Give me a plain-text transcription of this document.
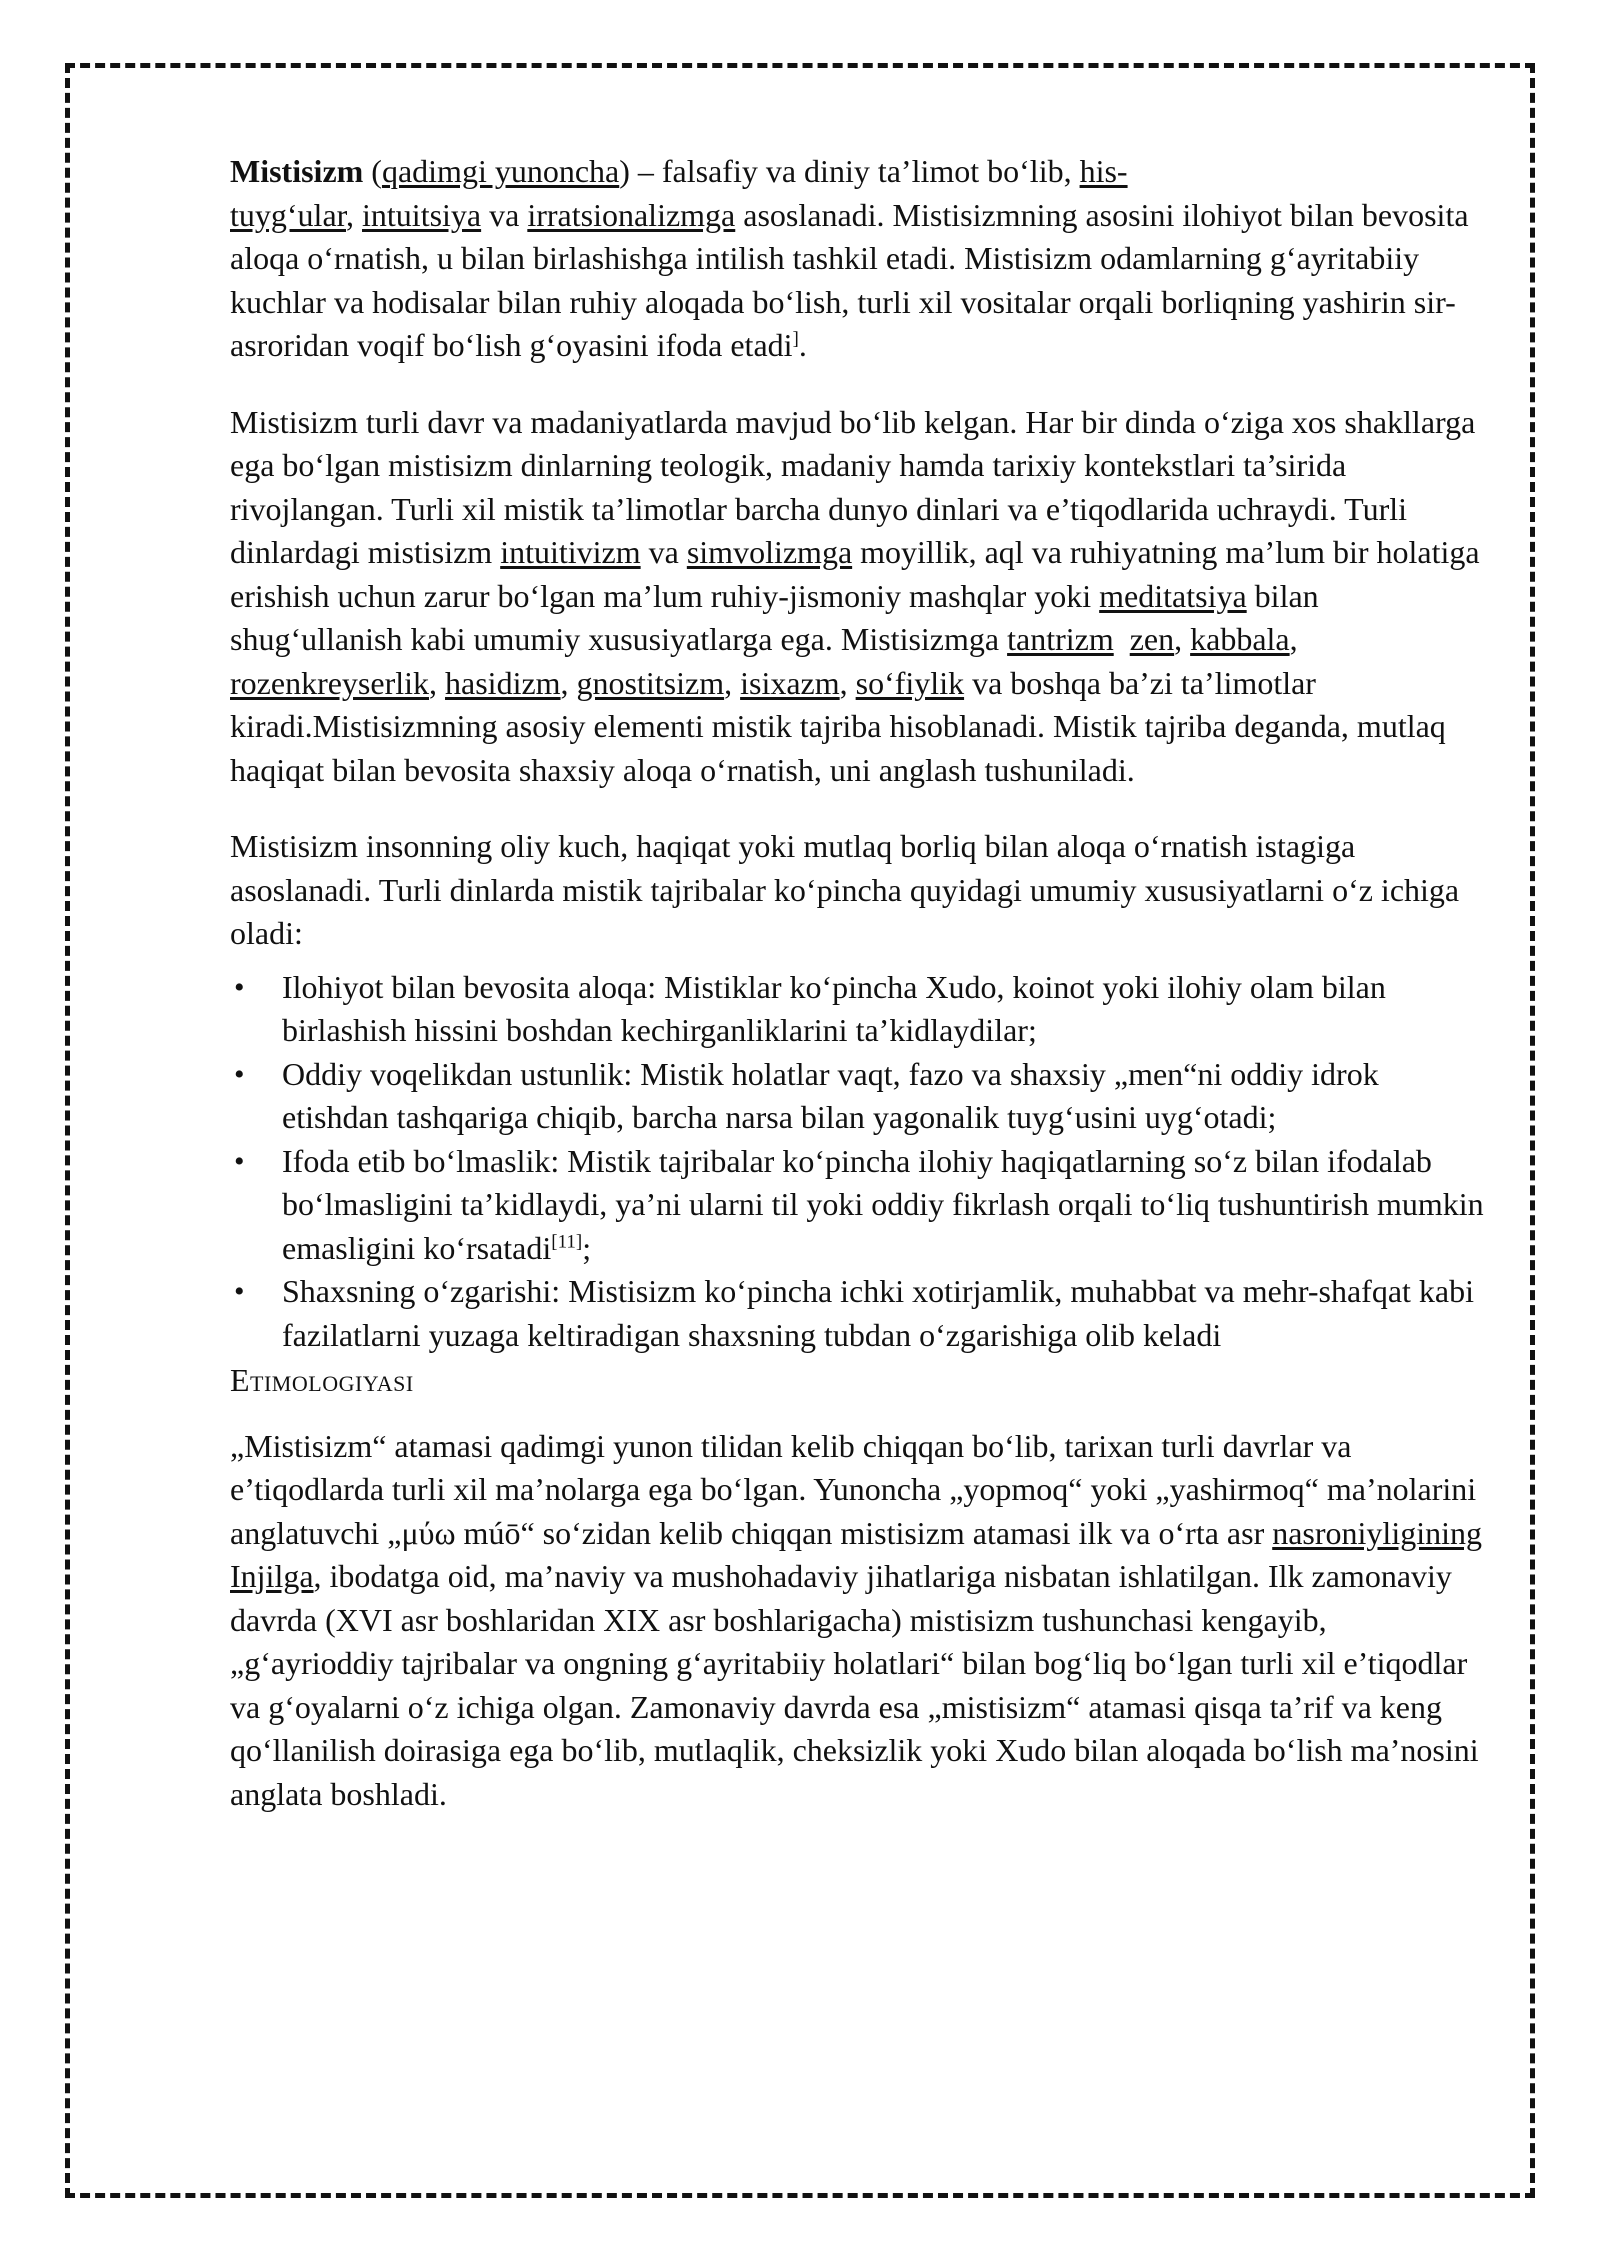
Mistisizm (qadimgi yunoncha) – falsafiy va diniy ta’limot bo‘lib, his-
tuyg‘ular, intuitsiya va irratsionalizmga asoslanadi. Mistisizmning asosini ilohiyot bilan bevosita aloqa o‘rnatish, u bilan birlashishga intilish tashkil etadi. Mistisizm odamlarning g‘ayritabiiy kuchlar va hodisalar bilan ruhiy aloqada bo‘lish, turli xil vositalar orqali borliqning yashirin sir-asroridan voqif bo‘lish g‘oyasini ifoda etadi].

Mistisizm turli davr va madaniyatlarda mavjud bo‘lib kelgan. Har bir dinda o‘ziga xos shakllarga ega bo‘lgan mistisizm dinlarning teologik, madaniy hamda tarixiy kontekstlari ta’sirida rivojlangan. Turli xil mistik ta’limotlar barcha dunyo dinlari va e’tiqodlarida uchraydi. Turli dinlardagi mistisizm intuitivizm va simvolizmga moyillik, aql va ruhiyatning ma’lum bir holatiga erishish uchun zarur bo‘lgan ma’lum ruhiy-jismoniy mashqlar yoki meditatsiya bilan shug‘ullanish kabi umumiy xususiyatlarga ega. Mistisizmga tantrizm zen, kabbala, rozenkreyserlik, hasidizm, gnostitsizm, isixazm, so‘fiylik va boshqa ba’zi ta’limotlar kiradi.Mistisizmning asosiy elementi mistik tajriba hisoblanadi. Mistik tajriba deganda, mutlaq haqiqat bilan bevosita shaxsiy aloqa o‘rnatish, uni anglash tushuniladi.

Mistisizm insonning oliy kuch, haqiqat yoki mutlaq borliq bilan aloqa o‘rnatish istagiga asoslanadi. Turli dinlarda mistik tajribalar ko‘pincha quyidagi umumiy xususiyatlarni o‘z ichiga oladi:

• Ilohiyot bilan bevosita aloqa: Mistiklar ko‘pincha Xudo, koinot yoki ilohiy olam bilan birlashish hissini boshdan kechirganliklarini ta’kidlaydilar;
• Oddiy voqelikdan ustunlik: Mistik holatlar vaqt, fazo va shaxsiy „men“ni oddiy idrok etishdan tashqariga chiqib, barcha narsa bilan yagonalik tuyg‘usini uyg‘otadi;
• Ifoda etib bo‘lmaslik: Mistik tajribalar ko‘pincha ilohiy haqiqatlarning so‘z bilan ifodalab bo‘lmasligini ta’kidlaydi, ya’ni ularni til yoki oddiy fikrlash orqali to‘liq tushuntirish mumkin emasligini ko‘rsatadi[11];
• Shaxsning o‘zgarishi: Mistisizm ko‘pincha ichki xotirjamlik, muhabbat va mehr-shafqat kabi fazilatlarni yuzaga keltiradigan shaxsning tubdan o‘zgarishiga olib keladi
Etimologiyasi

„Mistisizm“ atamasi qadimgi yunon tilidan kelib chiqqan bo‘lib, tarixan turli davrlar va e’tiqodlarda turli xil ma’nolarga ega bo‘lgan. Yunoncha „yopmoq“ yoki „yashirmoq“ ma’nolarini anglatuvchi „μύω múō“ so‘zidan kelib chiqqan mistisizm atamasi ilk va o‘rta asr nasroniyligining Injilga, ibodatga oid, ma’naviy va mushohadaviy jihatlariga nisbatan ishlatilgan. Ilk zamonaviy davrda (XVI asr boshlaridan XIX asr boshlarigacha) mistisizm tushunchasi kengayib, „g‘ayrioddiy tajribalar va ongning g‘ayritabiiy holatlari“ bilan bog‘liq bo‘lgan turli xil e’tiqodlar va g‘oyalarni o‘z ichiga olgan. Zamonaviy davrda esa „mistisizm“ atamasi qisqa ta’rif va keng qo‘llanilish doirasiga ega bo‘lib, mutlaqlik, cheksizlik yoki Xudo bilan aloqada bo‘lish ma’nosini anglata boshladi.
